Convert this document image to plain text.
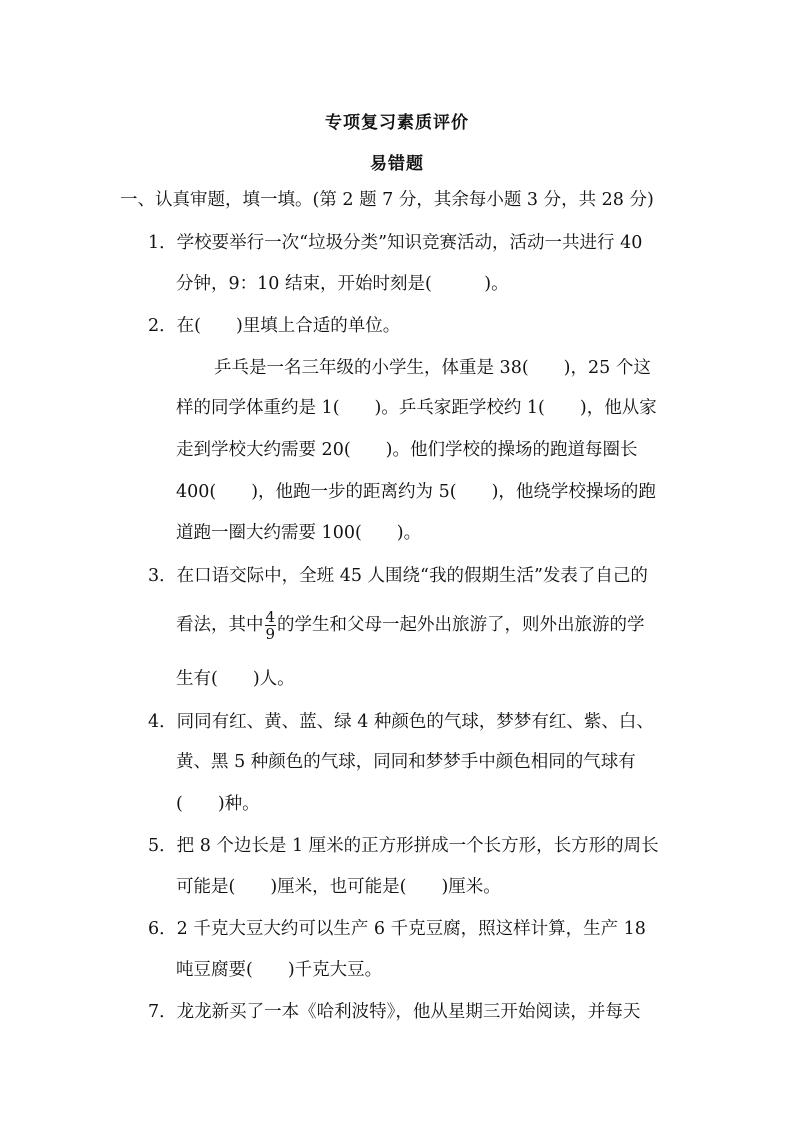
专项复习素质评价
易错题
一、认真审题，填一填。(第 2 题 7 分，其余每小题 3 分，共 28 分)
1．学校要举行一次“垃圾分类”知识竞赛活动，活动一共进行 40
分钟，9：10 结束，开始时刻是(　　　)。
2．在(　　)里填上合适的单位。
乒乓是一名三年级的小学生，体重是 38(　　)，25 个这
样的同学体重约是 1(　　)。乒乓家距学校约 1(　　)，他从家
走到学校大约需要 20(　　)。他们学校的操场的跑道每圈长
400(　　)，他跑一步的距离约为 5(　　)，他绕学校操场的跑
道跑一圈大约需要 100(　　)。
3．在口语交际中，全班 45 人围绕“我的假期生活”发表了自己的
看法，其中 $\frac{4}{9}$ 的学生和父母一起外出旅游了，则外出旅游的学
生有(　　)人。
4．同同有红、黄、蓝、绿 4 种颜色的气球，梦梦有红、紫、白、
黄、黑 5 种颜色的气球，同同和梦梦手中颜色相同的气球有
(　　)种。
5．把 8 个边长是 1 厘米的正方形拼成一个长方形，长方形的周长
可能是(　　)厘米，也可能是(　　)厘米。
6．2 千克大豆大约可以生产 6 千克豆腐，照这样计算，生产 18
吨豆腐要(　　)千克大豆。
7．龙龙新买了一本《哈利波特》，他从星期三开始阅读，并每天
